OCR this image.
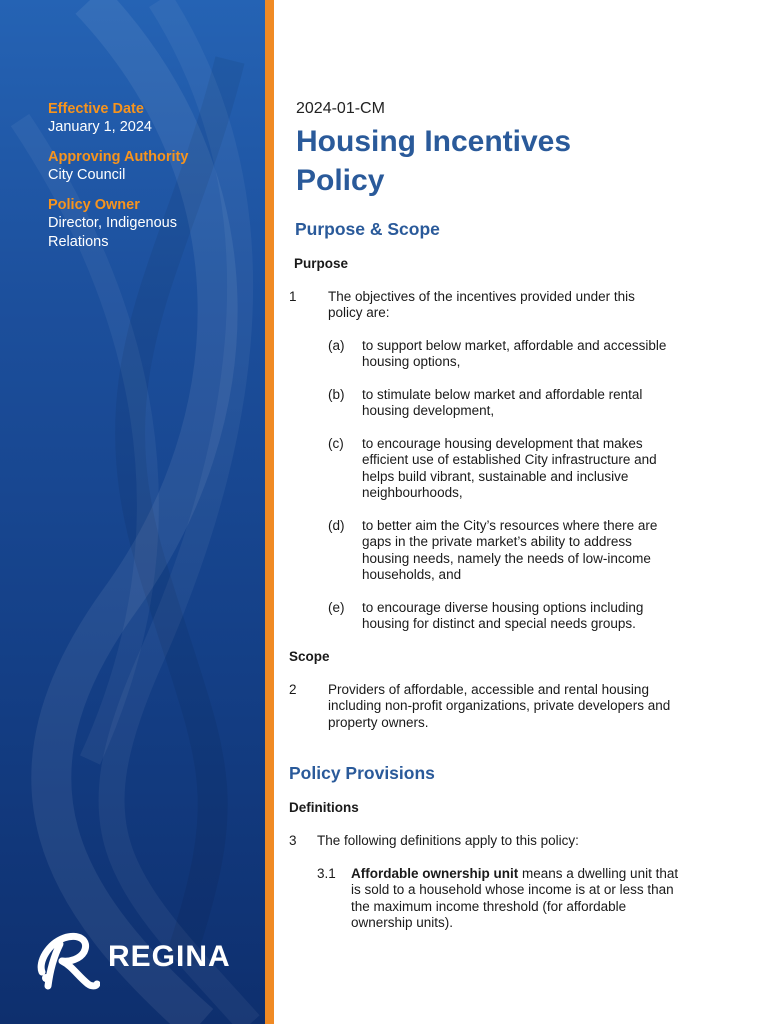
Effective Date
January 1, 2024
Approving Authority
City Council
Policy Owner
Director, Indigenous
Relations
REGINA
2024-01-CM
Housing Incentives
Policy
Purpose & Scope
Purpose
1 The objectives of the incentives provided under this policy are:
(a) to support below market, affordable and accessible housing options,
(b) to stimulate below market and affordable rental housing development,
(c) to encourage housing development that makes efficient use of established City infrastructure and helps build vibrant, sustainable and inclusive neighbourhoods,
(d) to better aim the City’s resources where there are gaps in the private market’s ability to address housing needs, namely the needs of low-income households, and
(e) to encourage diverse housing options including housing for distinct and special needs groups.
Scope
2 Providers of affordable, accessible and rental housing including non-profit organizations, private developers and property owners.
Policy Provisions
Definitions
3 The following definitions apply to this policy:
3.1 Affordable ownership unit means a dwelling unit that is sold to a household whose income is at or less than the maximum income threshold (for affordable ownership units).
